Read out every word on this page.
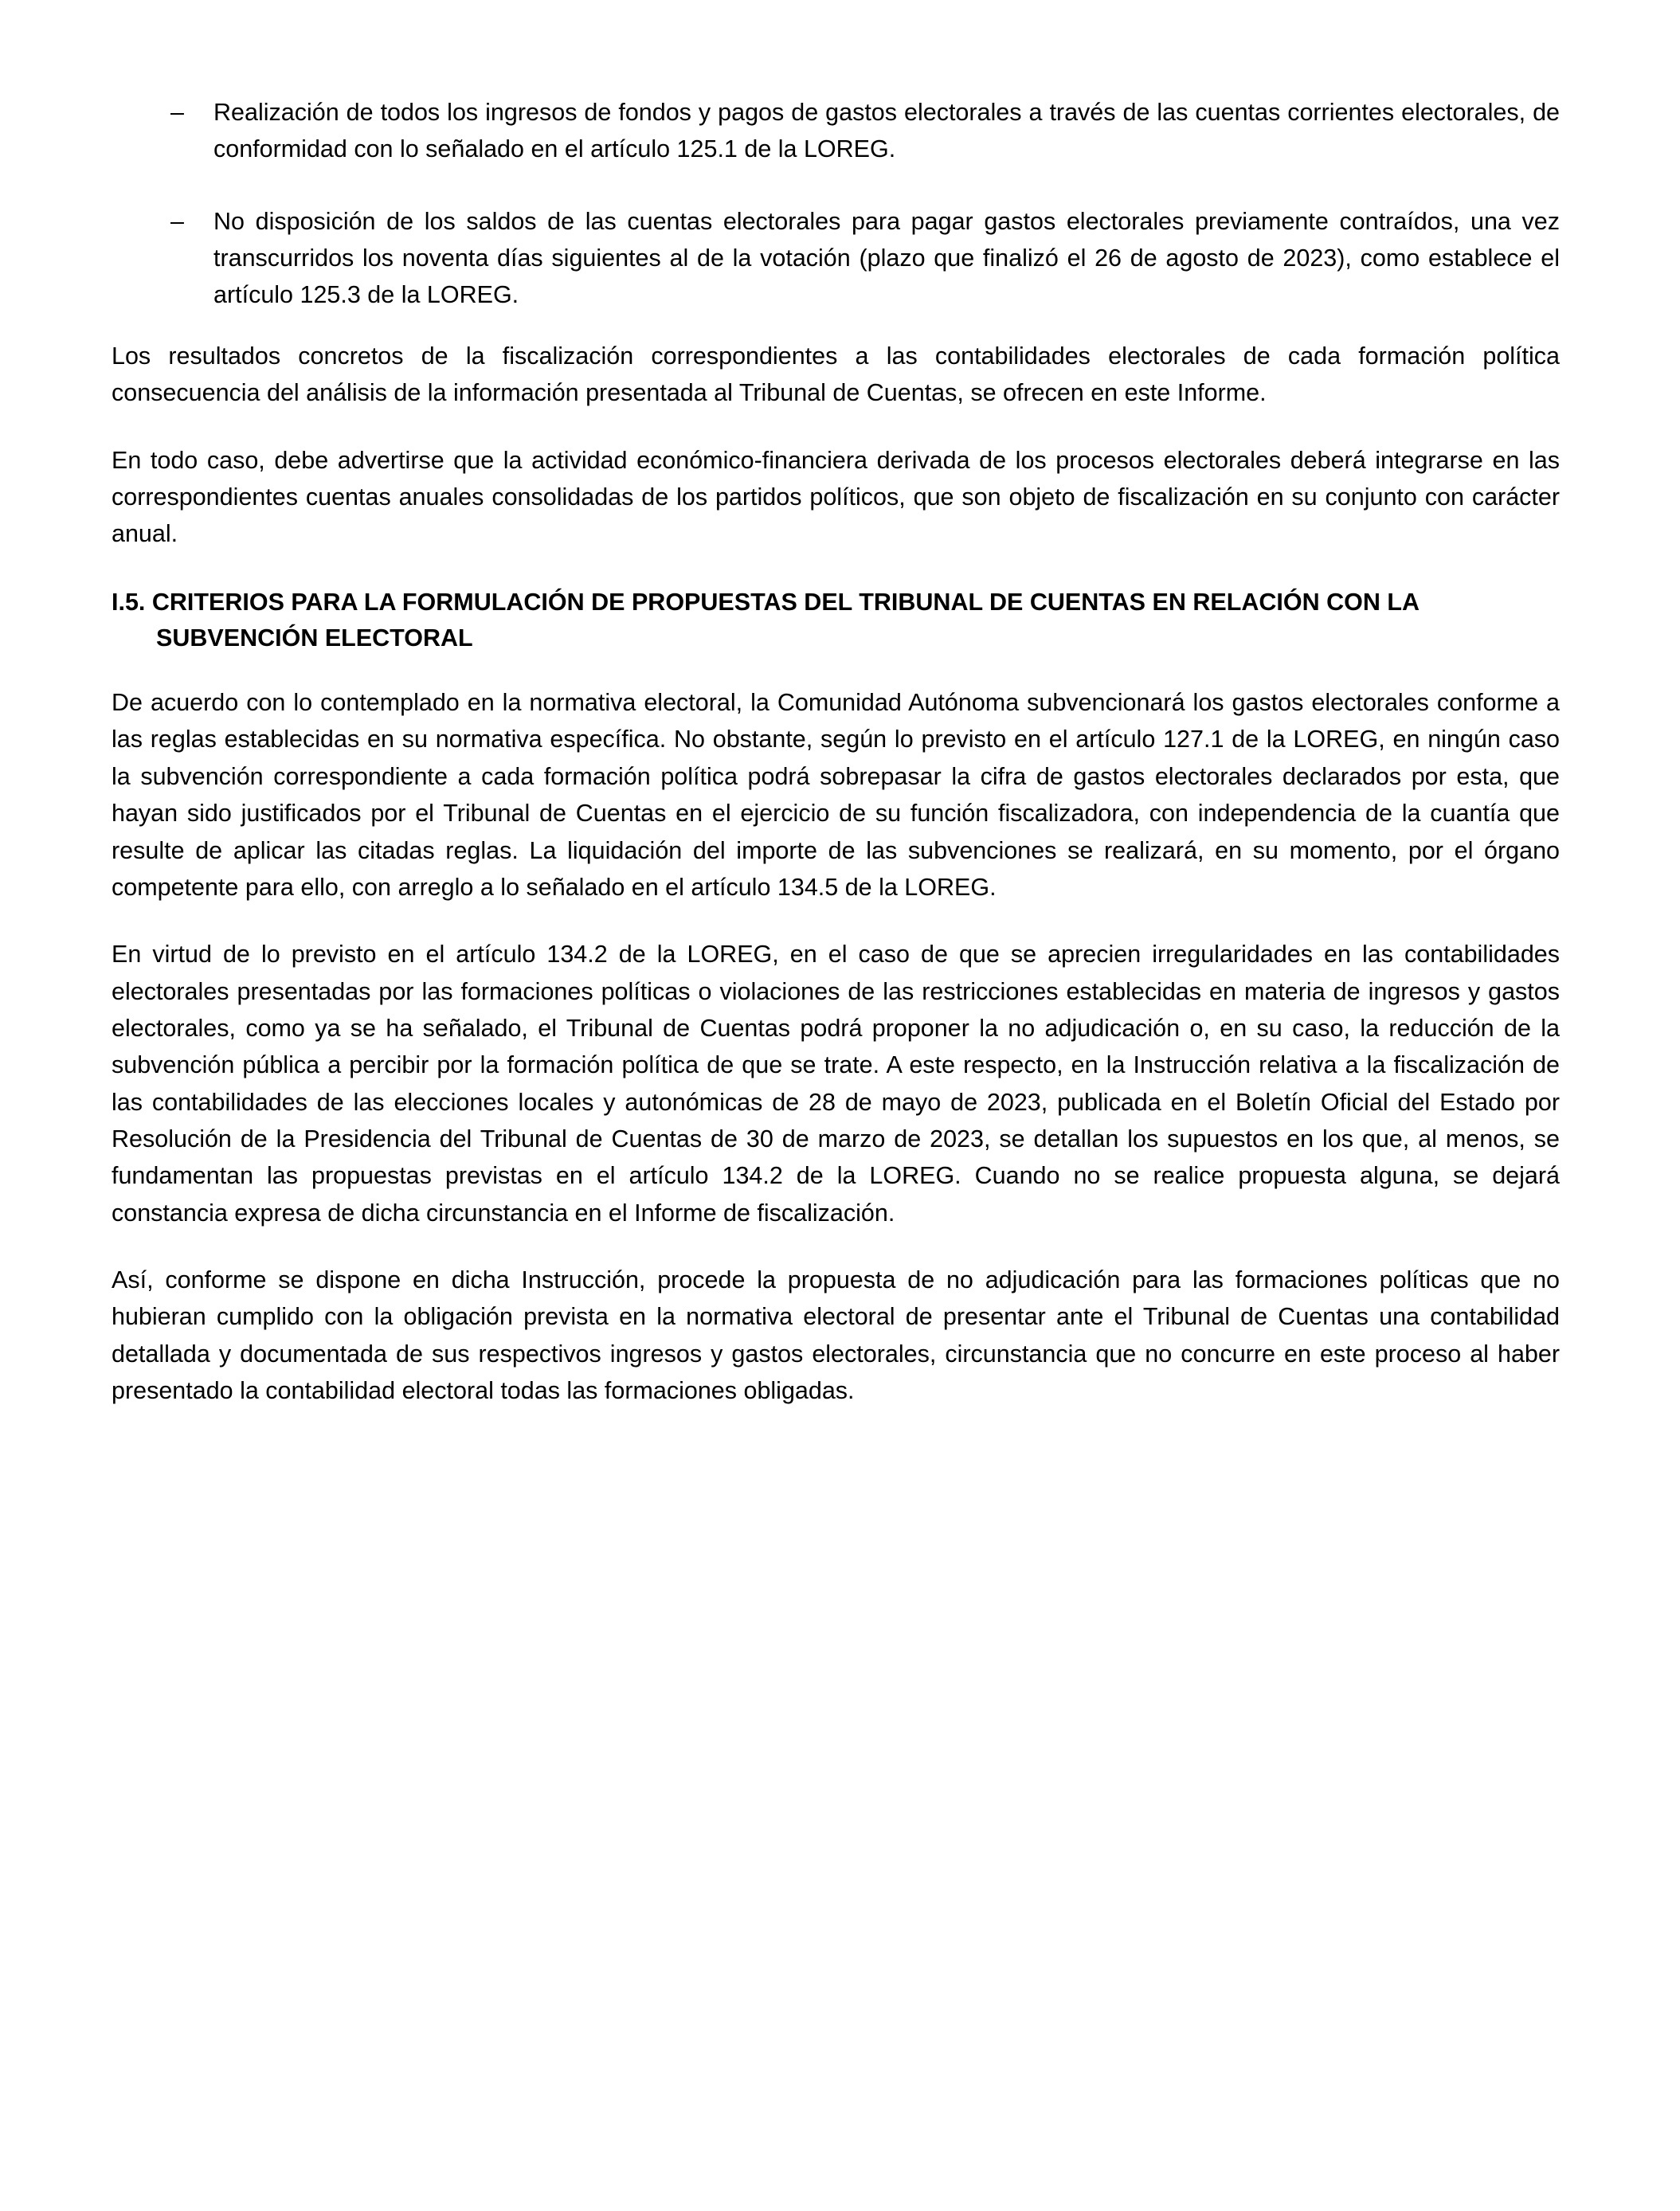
– Realización de todos los ingresos de fondos y pagos de gastos electorales a través de las cuentas corrientes electorales, de conformidad con lo señalado en el artículo 125.1 de la LOREG.
– No disposición de los saldos de las cuentas electorales para pagar gastos electorales previamente contraídos, una vez transcurridos los noventa días siguientes al de la votación (plazo que finalizó el 26 de agosto de 2023), como establece el artículo 125.3 de la LOREG.

Los resultados concretos de la fiscalización correspondientes a las contabilidades electorales de cada formación política consecuencia del análisis de la información presentada al Tribunal de Cuentas, se ofrecen en este Informe.

En todo caso, debe advertirse que la actividad económico-financiera derivada de los procesos electorales deberá integrarse en las correspondientes cuentas anuales consolidadas de los partidos políticos, que son objeto de fiscalización en su conjunto con carácter anual.

I.5. CRITERIOS PARA LA FORMULACIÓN DE PROPUESTAS DEL TRIBUNAL DE CUENTAS EN RELACIÓN CON LA SUBVENCIÓN ELECTORAL

De acuerdo con lo contemplado en la normativa electoral, la Comunidad Autónoma subvencionará los gastos electorales conforme a las reglas establecidas en su normativa específica. No obstante, según lo previsto en el artículo 127.1 de la LOREG, en ningún caso la subvención correspondiente a cada formación política podrá sobrepasar la cifra de gastos electorales declarados por esta, que hayan sido justificados por el Tribunal de Cuentas en el ejercicio de su función fiscalizadora, con independencia de la cuantía que resulte de aplicar las citadas reglas. La liquidación del importe de las subvenciones se realizará, en su momento, por el órgano competente para ello, con arreglo a lo señalado en el artículo 134.5 de la LOREG.

En virtud de lo previsto en el artículo 134.2 de la LOREG, en el caso de que se aprecien irregularidades en las contabilidades electorales presentadas por las formaciones políticas o violaciones de las restricciones establecidas en materia de ingresos y gastos electorales, como ya se ha señalado, el Tribunal de Cuentas podrá proponer la no adjudicación o, en su caso, la reducción de la subvención pública a percibir por la formación política de que se trate. A este respecto, en la Instrucción relativa a la fiscalización de las contabilidades de las elecciones locales y autonómicas de 28 de mayo de 2023, publicada en el Boletín Oficial del Estado por Resolución de la Presidencia del Tribunal de Cuentas de 30 de marzo de 2023, se detallan los supuestos en los que, al menos, se fundamentan las propuestas previstas en el artículo 134.2 de la LOREG. Cuando no se realice propuesta alguna, se dejará constancia expresa de dicha circunstancia en el Informe de fiscalización.

Así, conforme se dispone en dicha Instrucción, procede la propuesta de no adjudicación para las formaciones políticas que no hubieran cumplido con la obligación prevista en la normativa electoral de presentar ante el Tribunal de Cuentas una contabilidad detallada y documentada de sus respectivos ingresos y gastos electorales, circunstancia que no concurre en este proceso al haber presentado la contabilidad electoral todas las formaciones obligadas.
